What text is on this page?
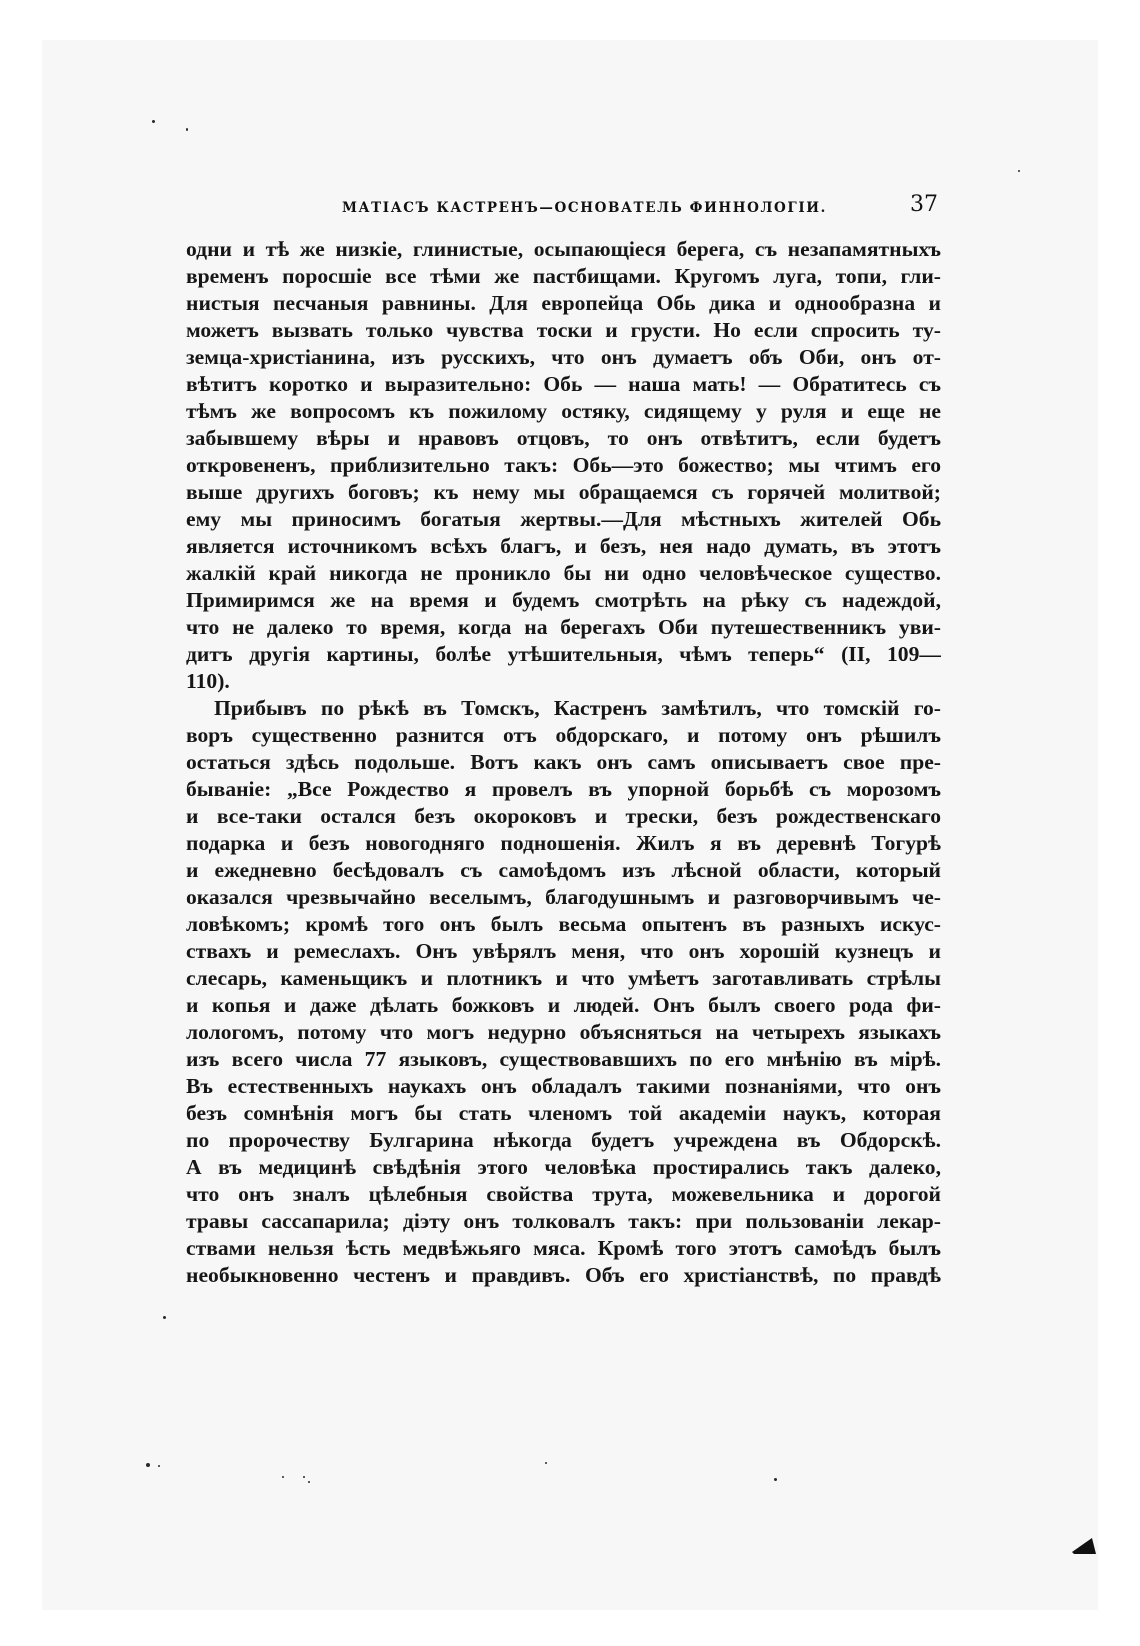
МАТІАСЪ КАСТРЕНЪ—ОСНОВАТЕЛЬ ФИННОЛОГІИ.	37
одни и тѣ же низкіе, глинистые, осыпающіеся берега, съ незапамятныхъ
временъ поросшіе все тѣми же пастбищами. Кругомъ луга, топи, гли-
нистыя песчаныя равнины. Для европейца Обь дика и однообразна и
можетъ вызвать только чувства тоски и грусти. Но если спросить ту-
земца-христіанина, изъ русскихъ, что онъ думаетъ объ Оби, онъ от-
вѣтитъ коротко и выразительно: Обь — наша мать! — Обратитесь съ
тѣмъ же вопросомъ къ пожилому остяку, сидящему у руля и еще не
забывшему вѣры и нравовъ отцовъ, то онъ отвѣтитъ, если будетъ
откровененъ, приблизительно такъ: Обь—это божество; мы чтимъ его
выше другихъ боговъ; къ нему мы обращаемся съ горячей молитвой;
ему мы приносимъ богатыя жертвы.—Для мѣстныхъ жителей Обь
является источникомъ всѣхъ благъ, и безъ, нея надо думать, въ этотъ
жалкій край никогда не проникло бы ни одно человѣческое существо.
Примиримся же на время и будемъ смотрѣть на рѣку съ надеждой,
что не далеко то время, когда на берегахъ Оби путешественникъ уви-
дитъ другія картины, болѣе утѣшительныя, чѣмъ теперь“ (II, 109—
110).
Прибывъ по рѣкѣ въ Томскъ, Кастренъ замѣтилъ, что томскій го-
воръ существенно разнится отъ обдорскаго, и потому онъ рѣшилъ
остаться здѣсь подольше. Вотъ какъ онъ самъ описываетъ свое пре-
бываніе: „Все Рождество я провелъ въ упорной борьбѣ съ морозомъ
и все-таки остался безъ окороковъ и трески, безъ рождественскаго
подарка и безъ новогодняго подношенія. Жилъ я въ деревнѣ Тогурѣ
и ежедневно бесѣдовалъ съ самоѣдомъ изъ лѣсной области, который
оказался чрезвычайно веселымъ, благодушнымъ и разговорчивымъ че-
ловѣкомъ; кромѣ того онъ былъ весьма опытенъ въ разныхъ искус-
ствахъ и ремеслахъ. Онъ увѣрялъ меня, что онъ хорошій кузнецъ и
слесарь, каменьщикъ и плотникъ и что умѣетъ заготавливать стрѣлы
и копья и даже дѣлать божковъ и людей. Онъ былъ своего рода фи-
лологомъ, потому что могъ недурно объясняться на четырехъ языкахъ
изъ всего числа 77 языковъ, существовавшихъ по его мнѣнію въ мірѣ.
Въ естественныхъ наукахъ онъ обладалъ такими познаніями, что онъ
безъ сомнѣнія могъ бы стать членомъ той академіи наукъ, которая
по пророчеству Булгарина нѣкогда будетъ учреждена въ Обдорскѣ.
А въ медицинѣ свѣдѣнія этого человѣка простирались такъ далеко,
что онъ зналъ цѣлебныя свойства трута, можевельника и дорогой
травы сассапарила; діэту онъ толковалъ такъ: при пользованіи лекар-
ствами нельзя ѣсть медвѣжьяго мяса. Кромѣ того этотъ самоѣдъ былъ
необыкновенно честенъ и правдивъ. Объ его христіанствѣ, по правдѣ
